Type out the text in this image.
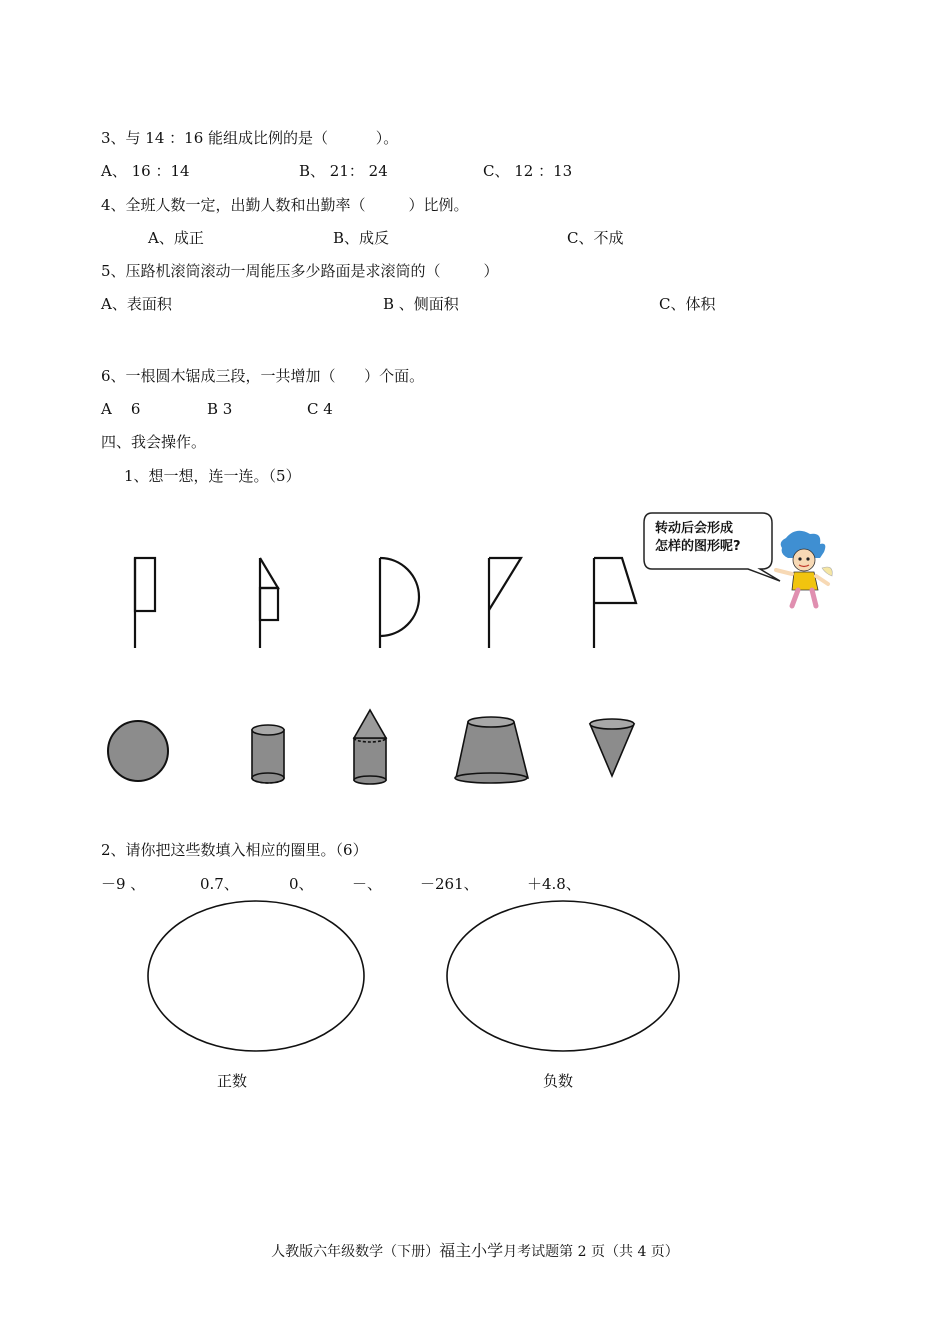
3、与 14 ：16 能组成比例的是（          ）。
A、 16 ：14	B、 21： 24	C、 12 ：13
4、全班人数一定，出勤人数和出勤率（         ）比例。
A、成正	B、成反	C、不成
5、压路机滚筒滚动一周能压多少路面是求滚筒的（         ）
A、表面积	B 、侧面积	C、体积
6、一根圆木锯成三段，一共增加（      ）个面。
A    6	B 3	C 4
四、我会操作。
1、想一想，连一连。（5）
转动后会形成
怎样的图形呢?
2、请你把这些数填入相应的圈里。（6）
－9 、	0.7、	0、	－、	－261、	＋4.8、
正数	负数
人教版六年级数学（下册）福主小学月考试题第 2 页（共 4 页）
